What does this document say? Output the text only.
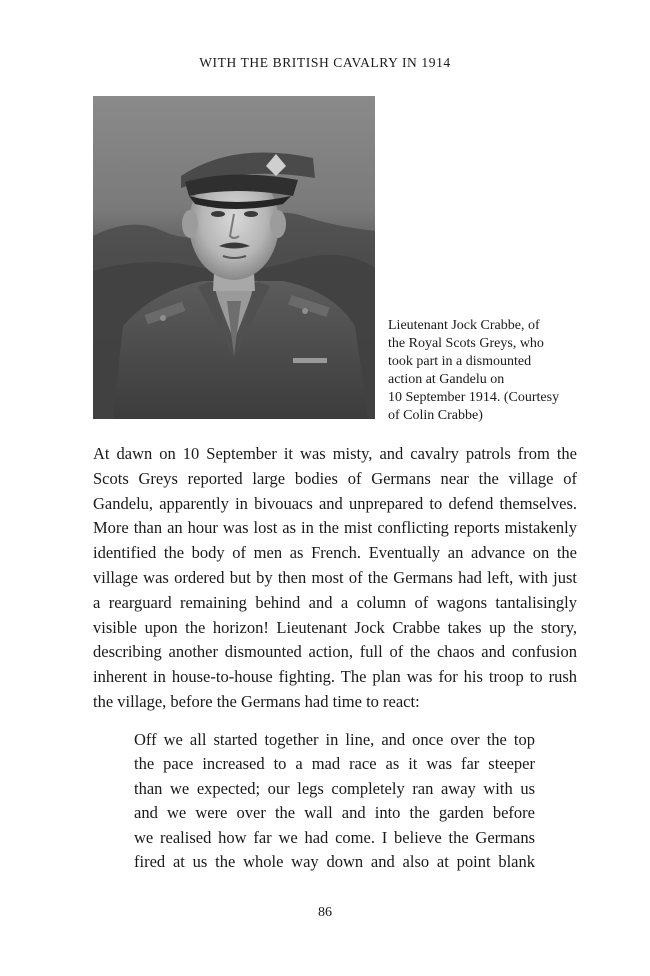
WITH THE BRITISH CAVALRY IN 1914
Lieutenant Jock Crabbe, of
the Royal Scots Greys, who
took part in a dismounted
action at Gandelu on
10 September 1914. (Courtesy
of Colin Crabbe)
At dawn on 10 September it was misty, and cavalry patrols from the
Scots Greys reported large bodies of Germans near the village of
Gandelu, apparently in bivouacs and unprepared to defend themselves.
More than an hour was lost as in the mist conflicting reports mistakenly
identified the body of men as French. Eventually an advance on the
village was ordered but by then most of the Germans had left, with just
a rearguard remaining behind and a column of wagons tantalisingly
visible upon the horizon! Lieutenant Jock Crabbe takes up the story,
describing another dismounted action, full of the chaos and confusion
inherent in house-to-house fighting. The plan was for his troop to rush
the village, before the Germans had time to react:
Off we all started together in line, and once over the top
the pace increased to a mad race as it was far steeper
than we expected; our legs completely ran away with us
and we were over the wall and into the garden before
we realised how far we had come. I believe the Germans
fired at us the whole way down and also at point blank
86
